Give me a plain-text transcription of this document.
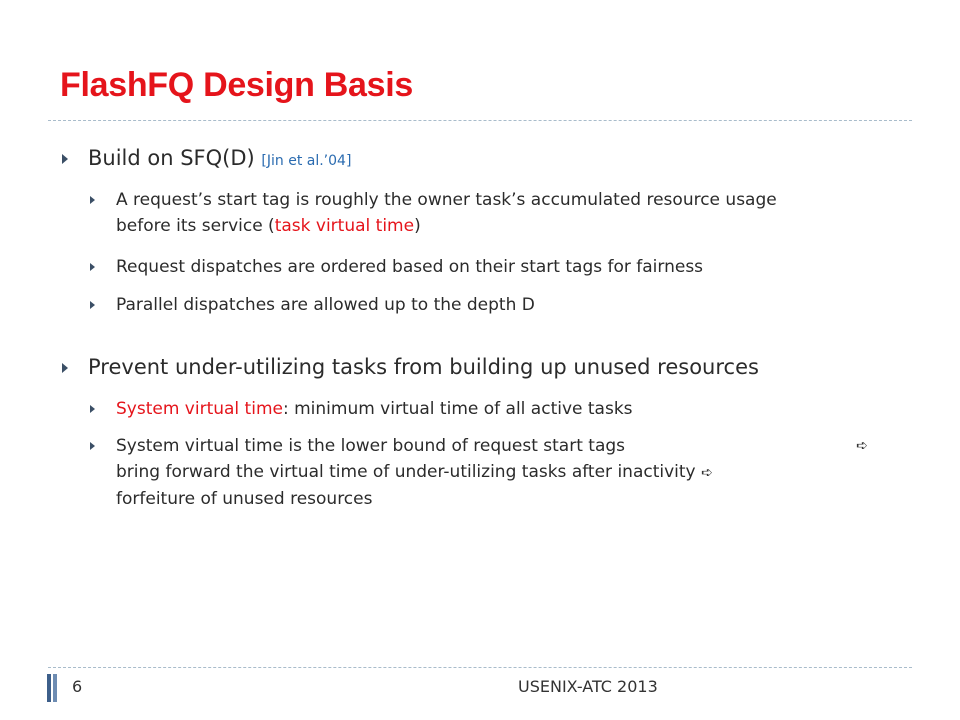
FlashFQ Design Basis
Build on SFQ(D) [Jin et al.’04]
A request’s start tag is roughly the owner task’s accumulated resource usage
before its service (task virtual time)
Request dispatches are ordered based on their start tags for fairness
Parallel dispatches are allowed up to the depth D
Prevent under-utilizing tasks from building up unused resources
System virtual time: minimum virtual time of all active tasks
System virtual time is the lower bound of request start tags	➪
bring forward the virtual time of under-utilizing tasks after inactivity ➪
forfeiture of unused resources
6	USENIX-ATC 2013
